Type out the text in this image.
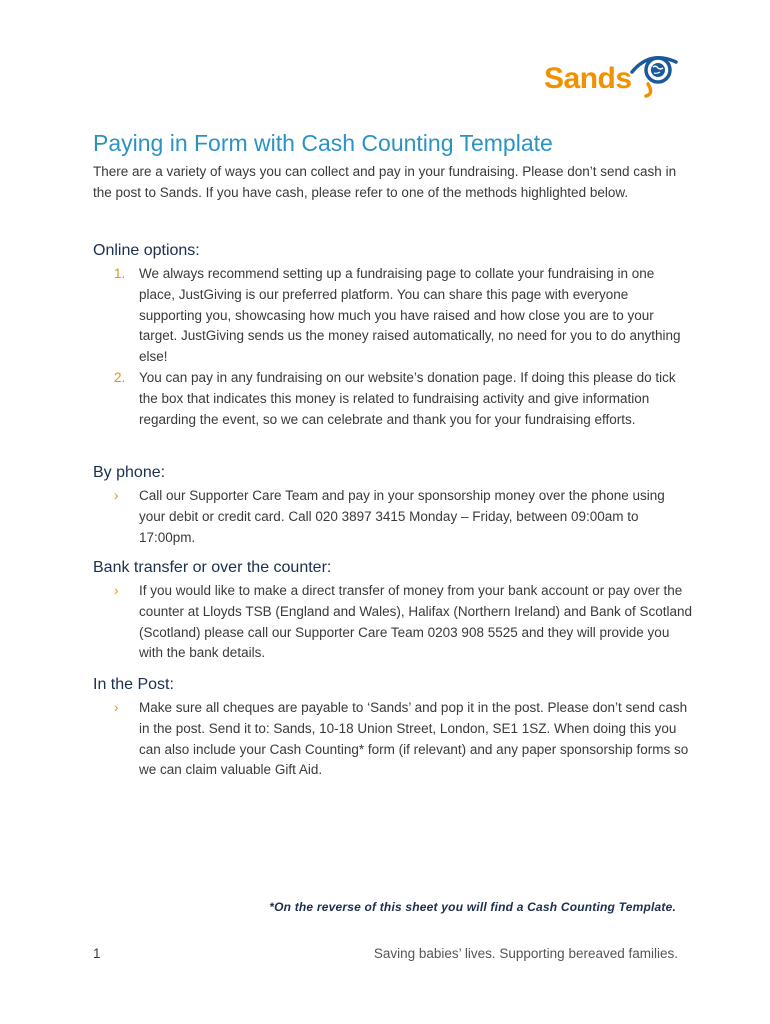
Sands
Paying in Form with Cash Counting Template

There are a variety of ways you can collect and pay in your fundraising. Please don’t send cash in the post to Sands. If you have cash, please refer to one of the methods highlighted below.

Online options:
1. We always recommend setting up a fundraising page to collate your fundraising in one place, JustGiving is our preferred platform. You can share this page with everyone supporting you, showcasing how much you have raised and how close you are to your target. JustGiving sends us the money raised automatically, no need for you to do anything else!
2. You can pay in any fundraising on our website’s donation page. If doing this please do tick the box that indicates this money is related to fundraising activity and give information regarding the event, so we can celebrate and thank you for your fundraising efforts.
By phone:
› Call our Supporter Care Team and pay in your sponsorship money over the phone using your debit or credit card. Call 020 3897 3415 Monday – Friday, between 09:00am to 17:00pm.
Bank transfer or over the counter:
› If you would like to make a direct transfer of money from your bank account or pay over the counter at Lloyds TSB (England and Wales), Halifax (Northern Ireland) and Bank of Scotland (Scotland) please call our Supporter Care Team 0203 908 5525 and they will provide you with the bank details.
In the Post:
› Make sure all cheques are payable to ‘Sands’ and pop it in the post. Please don’t send cash in the post. Send it to: Sands, 10-18 Union Street, London, SE1 1SZ. When doing this you can also include your Cash Counting* form (if relevant) and any paper sponsorship forms so we can claim valuable Gift Aid.
*On the reverse of this sheet you will find a Cash Counting Template.
1	Saving babies’ lives. Supporting bereaved families.
